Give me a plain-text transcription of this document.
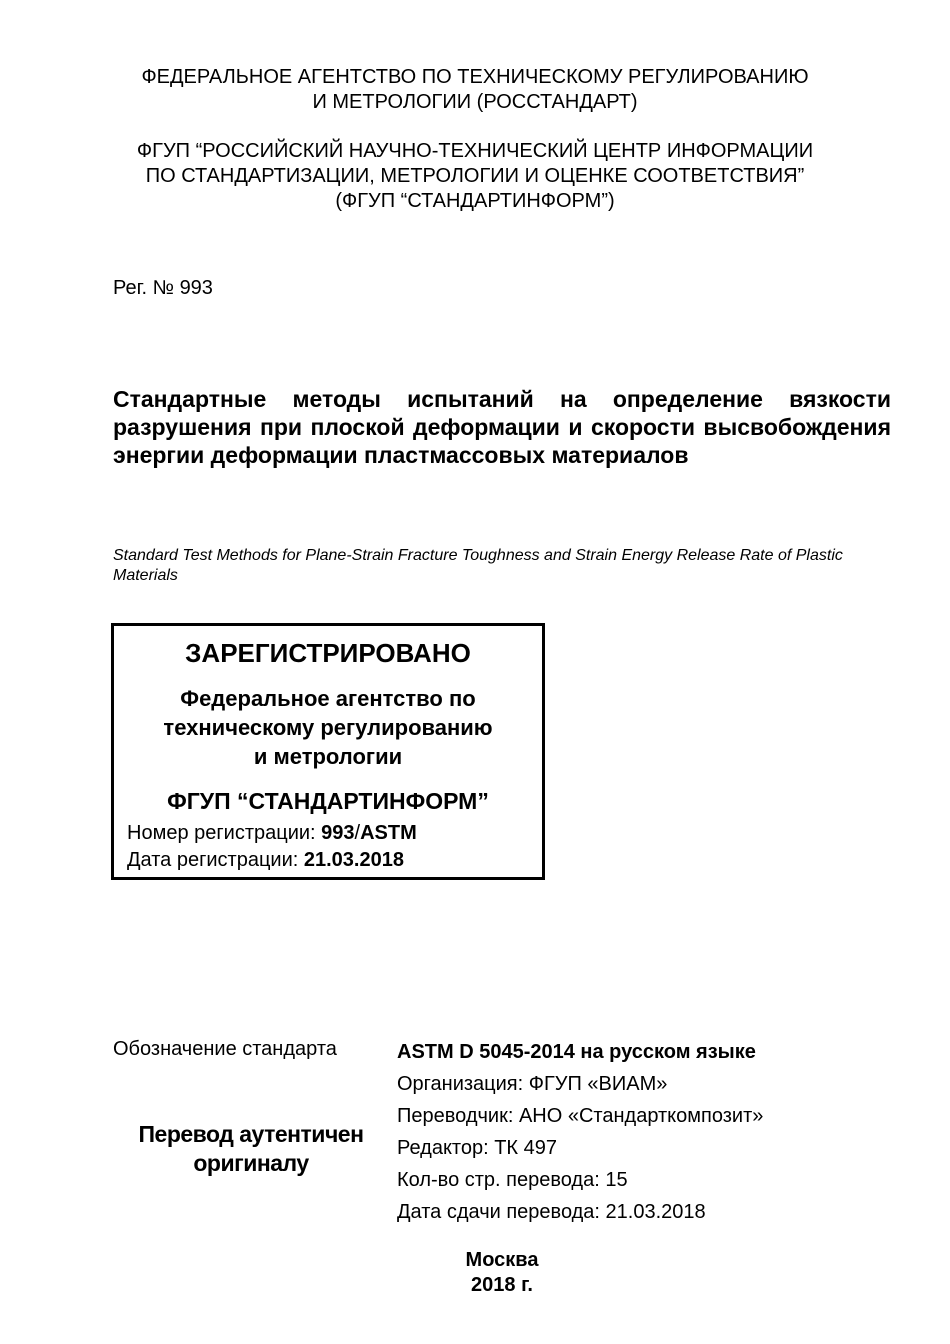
ФЕДЕРАЛЬНОЕ АГЕНТСТВО ПО ТЕХНИЧЕСКОМУ РЕГУЛИРОВАНИЮ
И МЕТРОЛОГИИ (РОССТАНДАРТ)
ФГУП “РОССИЙСКИЙ НАУЧНО-ТЕХНИЧЕСКИЙ ЦЕНТР ИНФОРМАЦИИ
ПО СТАНДАРТИЗАЦИИ, МЕТРОЛОГИИ И ОЦЕНКЕ СООТВЕТСТВИЯ”
(ФГУП “СТАНДАРТИНФОРМ”)
Рег. № 993
Стандартные методы испытаний на определение вязкости разрушения при плоской деформации и скорости высвобождения энергии деформации пластмассовых материалов
Standard Test Methods for Plane-Strain Fracture Toughness and Strain Energy Release Rate of Plastic Materials
ЗАРЕГИСТРИРОВАНО
Федеральное агентство по
техническому регулированию
и метрологии
ФГУП “СТАНДАРТИНФОРМ”
Номер регистрации: 993/ASTM
Дата регистрации: 21.03.2018
Обозначение стандарта
Перевод аутентичен
оригиналу
ASTM D 5045-2014 на русском языке
Организация: ФГУП «ВИАМ»
Переводчик: АНО «Стандарткомпозит»
Редактор: ТК 497
Кол-во стр. перевода: 15
Дата сдачи перевода: 21.03.2018
Москва
2018 г.
